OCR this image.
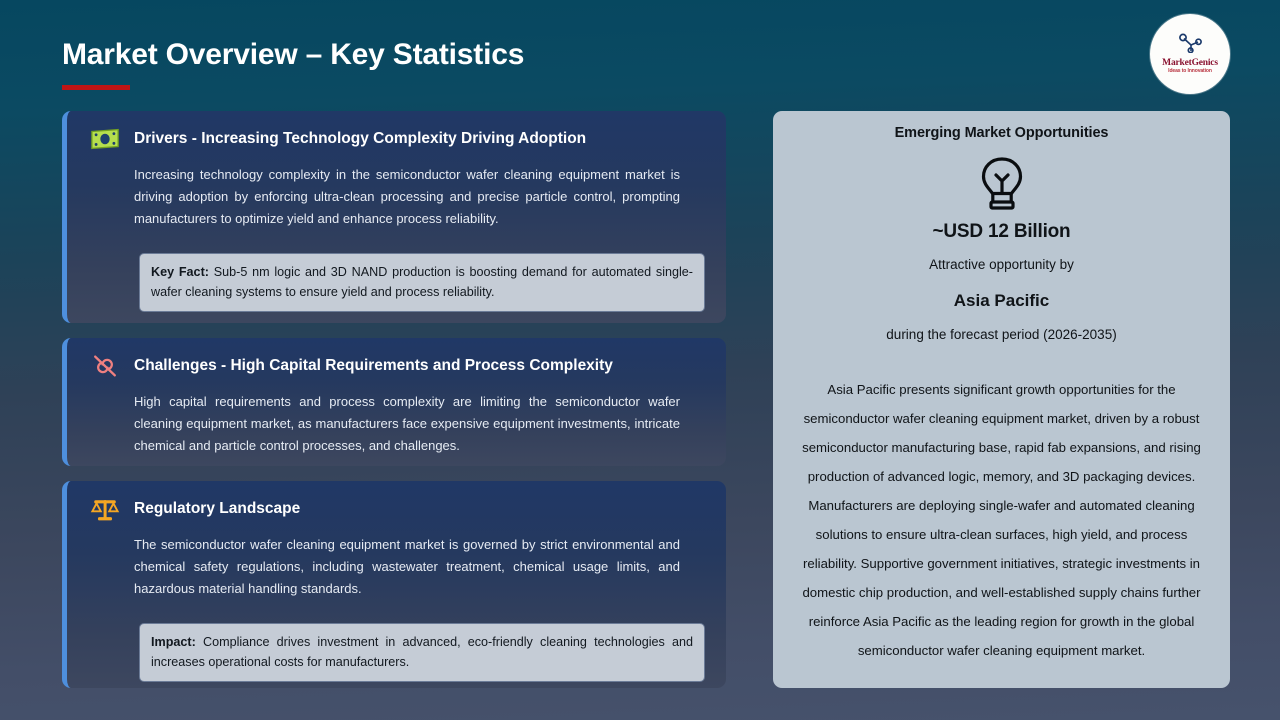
Market Overview – Key Statistics	MarketGenics
Ideas to Innovation
Drivers - Increasing Technology Complexity Driving Adoption
Increasing technology complexity in the semiconductor wafer cleaning equipment market is driving adoption by enforcing ultra-clean processing and precise particle control, prompting manufacturers to optimize yield and enhance process reliability.
Key Fact: Sub-5 nm logic and 3D NAND production is boosting demand for automated single-wafer cleaning systems to ensure yield and process reliability.
Challenges - High Capital Requirements and Process Complexity
High capital requirements and process complexity are limiting the semiconductor wafer cleaning equipment market, as manufacturers face expensive equipment investments, intricate chemical and particle control processes, and challenges.
Regulatory Landscape
The semiconductor wafer cleaning equipment market is governed by strict environmental and chemical safety regulations, including wastewater treatment, chemical usage limits, and hazardous material handling standards.
Impact: Compliance drives investment in advanced, eco-friendly cleaning technologies and increases operational costs for manufacturers.
Emerging Market Opportunities
~USD 12 Billion
Attractive opportunity by
Asia Pacific
during the forecast period (2026-2035)
Asia Pacific presents significant growth opportunities for the semiconductor wafer cleaning equipment market, driven by a robust semiconductor manufacturing base, rapid fab expansions, and rising production of advanced logic, memory, and 3D packaging devices. Manufacturers are deploying single-wafer and automated cleaning solutions to ensure ultra-clean surfaces, high yield, and process reliability. Supportive government initiatives, strategic investments in domestic chip production, and well-established supply chains further reinforce Asia Pacific as the leading region for growth in the global semiconductor wafer cleaning equipment market.
